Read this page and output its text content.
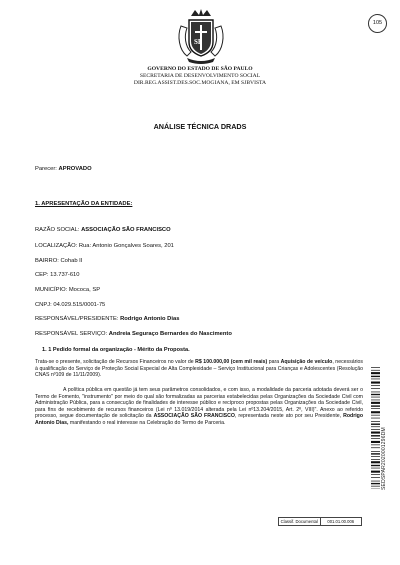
SP
105
GOVERNO DO ESTADO DE SÃO PAULO
SECRETARIA DE DESENVOLVIMENTO SOCIAL
DIR.REG.ASSIST.DES.SOC.MOGIANA, EM SJBVISTA
ANÁLISE TÉCNICA DRADS
Parecer: APROVADO
1. APRESENTAÇÃO DA ENTIDADE:
RAZÃO SOCIAL: ASSOCIAÇÃO SÃO FRANCISCO
LOCALIZAÇÃO: Rua: Antonio Gonçalves Soares, 201
BAIRRO: Cohab II
CEP: 13.737-610
MUNICÍPIO: Mococa, SP
CNPJ: 04.029.515/0001-75
RESPONSÁVEL/PRESIDENTE: Rodrigo Antonio Dias
RESPONSÁVEL SERVIÇO: Andreia Seguraço Bernardes do Nascimento
1. 1 Pedido formal da organização - Mérito da Proposta.
Trata-se o presente, solicitação de Recursos Financeiros no valor de R$ 100.000,00 (cem mil reais) para Aquisição de veículo, necessários à qualificação do Serviço de Proteção Social Especial de Alta Complexidade – Serviço Institucional para Crianças e Adolescentes (Resolução CNAS nº109 de 11/11/2009).
A política pública em questão já tem seus parâmetros consolidados, e com isso, a modalidade da parceria adotada deverá ser o Termo de Fomento, "instrumento" por meio do qual são formalizadas as parcerias estabelecidas pelas Organizações da Sociedade Civil com Administração Pública, para a consecução de finalidades de interesse público e recíproco propostas pelas Organizações da Sociedade Civil, para fins de recebimento de recursos financeiros (Lei nº 13.019/2014 alterada pela Lei nº13.204/2015, Art. 2º, VIII)". Anexo ao referido processo, segue documentação de solicitação da ASSOCIAÇÃO SÃO FRANCISCO, representada neste ato por seu Presidente, Rodrigo Antonio Dias, manifestando o real interesse na Celebração do Termo de Parceria.
SEDSPAR2020001296DM
Classif. Documental	001.01.00.006
